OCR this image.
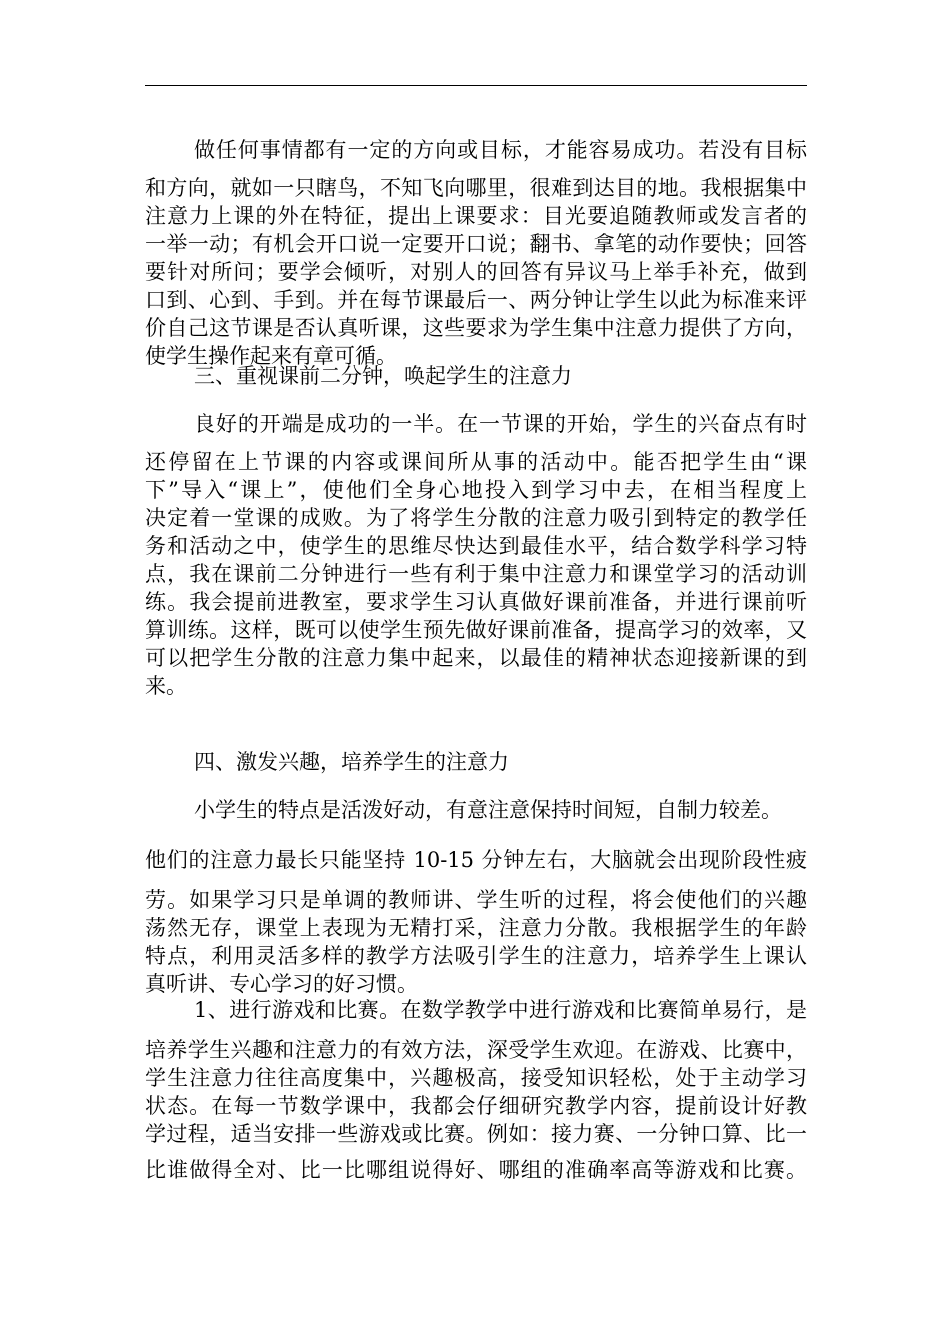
做任何事情都有一定的方向或目标，才能容易成功。若没有目标
和方向，就如一只瞎鸟，不知飞向哪里，很难到达目的地。我根据集中
注意力上课的外在特征，提出上课要求：目光要追随教师或发言者的
一举一动；有机会开口说一定要开口说；翻书、拿笔的动作要快；回答
要针对所问；要学会倾听，对别人的回答有异议马上举手补充，做到
口到、心到、手到。并在每节课最后一、两分钟让学生以此为标准来评
价自己这节课是否认真听课，这些要求为学生集中注意力提供了方向，
使学生操作起来有章可循。
三、重视课前二分钟，唤起学生的注意力
良好的开端是成功的一半。在一节课的开始，学生的兴奋点有时
还停留在上节课的内容或课间所从事的活动中。能否把学生由“课
下”导入“课上”，使他们全身心地投入到学习中去，在相当程度上
决定着一堂课的成败。为了将学生分散的注意力吸引到特定的教学任
务和活动之中，使学生的思维尽快达到最佳水平，结合数学科学习特
点，我在课前二分钟进行一些有利于集中注意力和课堂学习的活动训
练。我会提前进教室，要求学生习认真做好课前准备，并进行课前听
算训练。这样，既可以使学生预先做好课前准备，提高学习的效率，又
可以把学生分散的注意力集中起来，以最佳的精神状态迎接新课的到
来。
四、激发兴趣，培养学生的注意力
小学生的特点是活泼好动，有意注意保持时间短，自制力较差。
他们的注意力最长只能坚持 10-15 分钟左右，大脑就会出现阶段性疲
劳。如果学习只是单调的教师讲、学生听的过程，将会使他们的兴趣
荡然无存，课堂上表现为无精打采，注意力分散。我根据学生的年龄
特点，利用灵活多样的教学方法吸引学生的注意力，培养学生上课认
真听讲、专心学习的好习惯。
1、进行游戏和比赛。在数学教学中进行游戏和比赛简单易行，是
培养学生兴趣和注意力的有效方法，深受学生欢迎。在游戏、比赛中，
学生注意力往往高度集中，兴趣极高，接受知识轻松，处于主动学习
状态。在每一节数学课中，我都会仔细研究教学内容，提前设计好教
学过程，适当安排一些游戏或比赛。例如：接力赛、一分钟口算、比一
比谁做得全对、比一比哪组说得好、哪组的准确率高等游戏和比赛。
